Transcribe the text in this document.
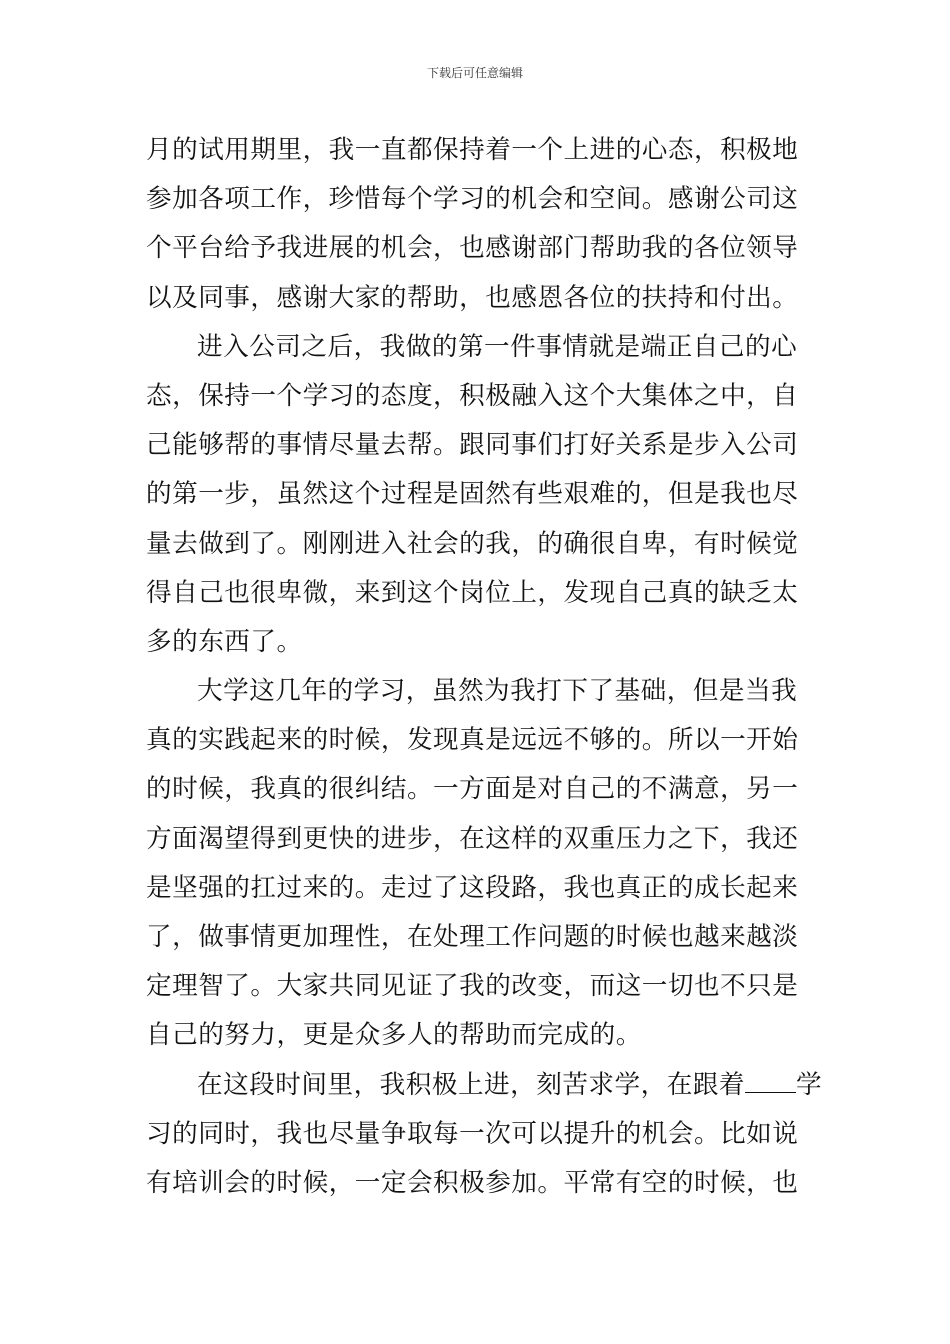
下载后可任意编辑
月的试用期里，我一直都保持着一个上进的心态，积极地
参加各项工作，珍惜每个学习的机会和空间。感谢公司这
个平台给予我进展的机会，也感谢部门帮助我的各位领导
以及同事，感谢大家的帮助，也感恩各位的扶持和付出。
进入公司之后，我做的第一件事情就是端正自己的心
态，保持一个学习的态度，积极融入这个大集体之中，自
己能够帮的事情尽量去帮。跟同事们打好关系是步入公司
的第一步，虽然这个过程是固然有些艰难的，但是我也尽
量去做到了。刚刚进入社会的我，的确很自卑，有时候觉
得自己也很卑微，来到这个岗位上，发现自己真的缺乏太
多的东西了。
大学这几年的学习，虽然为我打下了基础，但是当我
真的实践起来的时候，发现真是远远不够的。所以一开始
的时候，我真的很纠结。一方面是对自己的不满意，另一
方面渴望得到更快的进步，在这样的双重压力之下，我还
是坚强的扛过来的。走过了这段路，我也真正的成长起来
了，做事情更加理性，在处理工作问题的时候也越来越淡
定理智了。大家共同见证了我的改变，而这一切也不只是
自己的努力，更是众多人的帮助而完成的。
在这段时间里，我积极上进，刻苦求学，在跟着 学
习的同时，我也尽量争取每一次可以提升的机会。比如说
有培训会的时候，一定会积极参加。平常有空的时候，也
